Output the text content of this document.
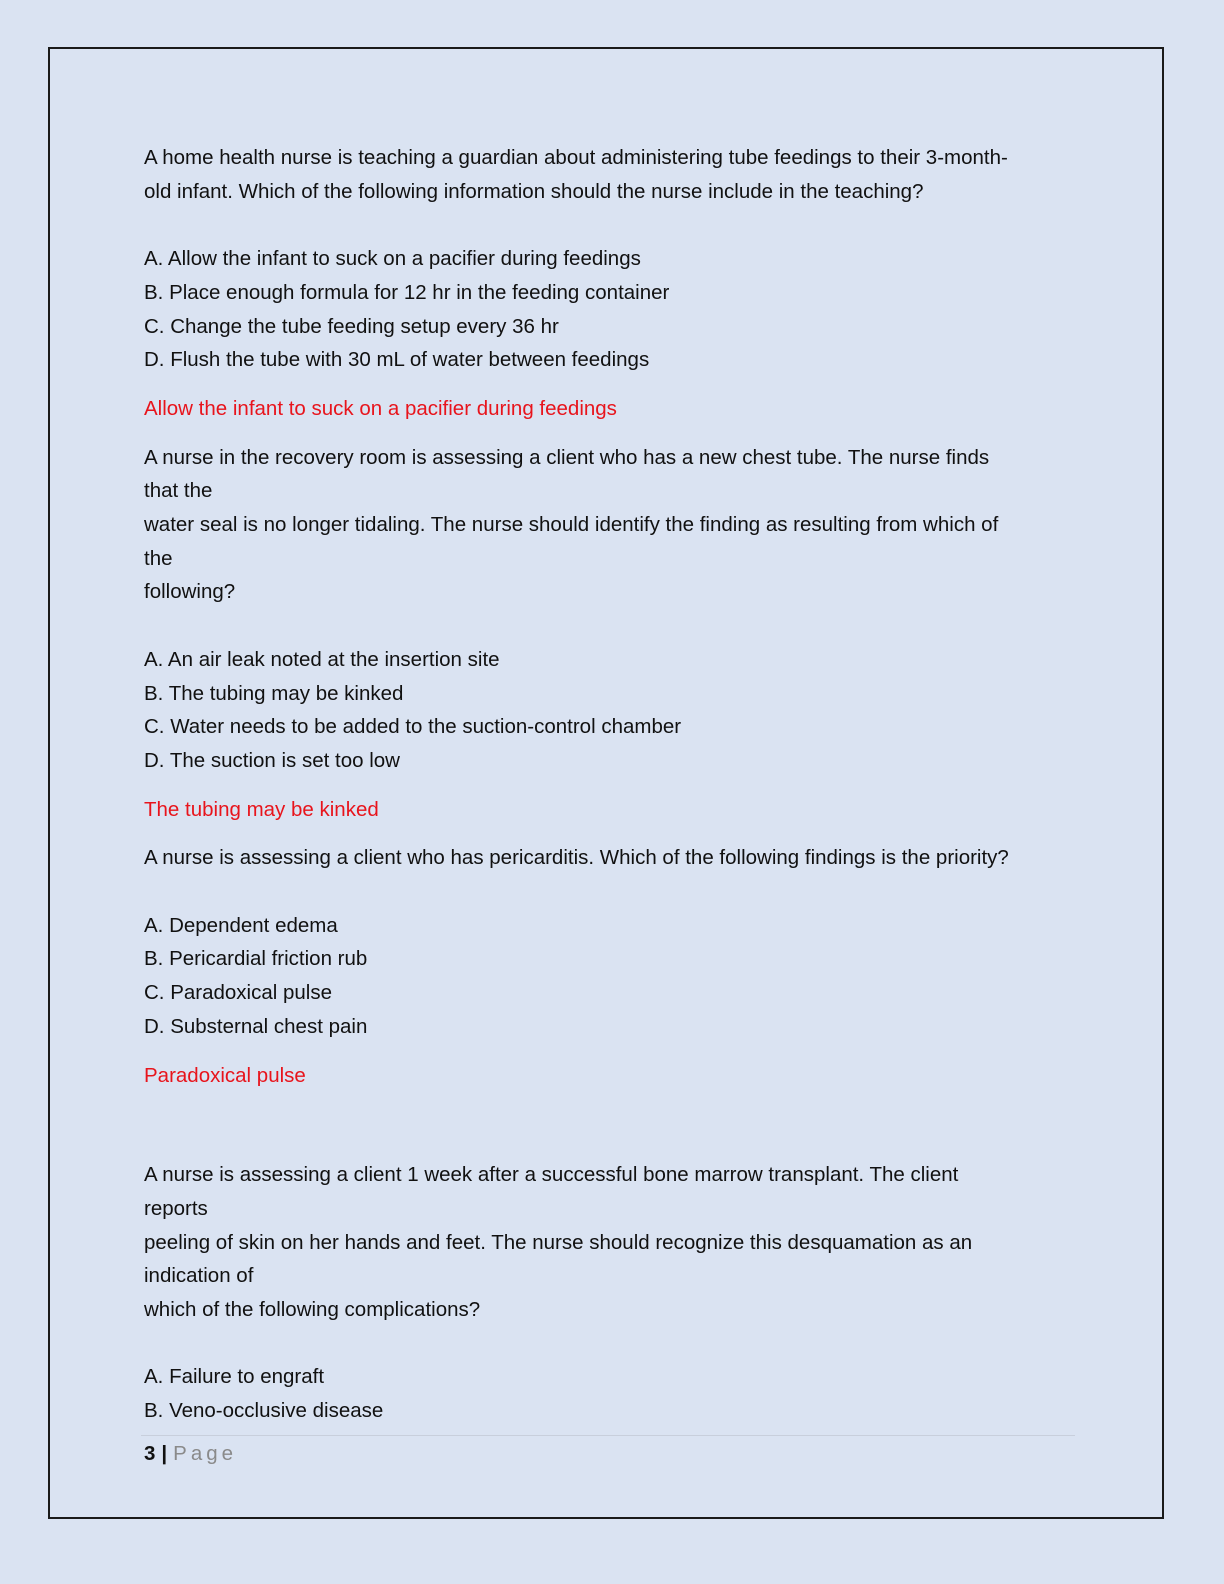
A home health nurse is teaching a guardian about administering tube feedings to their 3-month-

old infant. Which of the following information should the nurse include in the teaching?

A. Allow the infant to suck on a pacifier during feedings

B. Place enough formula for 12 hr in the feeding container

C. Change the tube feeding setup every 36 hr

D. Flush the tube with 30 mL of water between feedings

Allow the infant to suck on a pacifier during feedings

A nurse in the recovery room is assessing a client who has a new chest tube. The nurse finds

that the

water seal is no longer tidaling. The nurse should identify the finding as resulting from which of

the

following?

A. An air leak noted at the insertion site

B. The tubing may be kinked

C. Water needs to be added to the suction-control chamber

D. The suction is set too low

The tubing may be kinked

A nurse is assessing a client who has pericarditis. Which of the following findings is the priority?

A. Dependent edema

B. Pericardial friction rub

C. Paradoxical pulse

D. Substernal chest pain

Paradoxical pulse

A nurse is assessing a client 1 week after a successful bone marrow transplant. The client

reports

peeling of skin on her hands and feet. The nurse should recognize this desquamation as an

indication of

which of the following complications?

A. Failure to engraft

B. Veno-occlusive disease

3 | Page
